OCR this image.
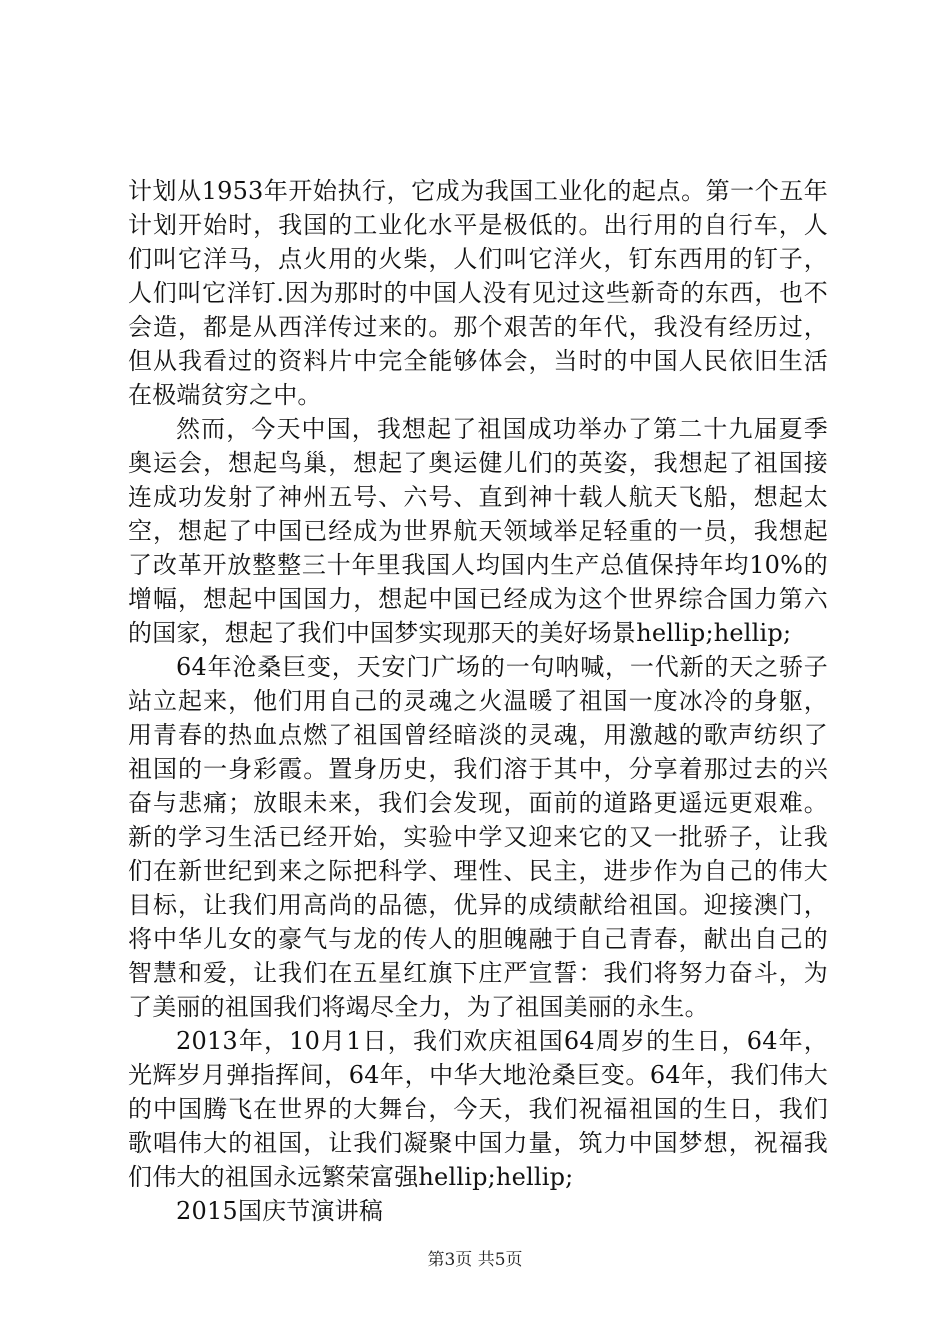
计划从1953年开始执行，它成为我国工业化的起点。第一个五年计划开始时，我国的工业化水平是极低的。出行用的自行车，人们叫它洋马，点火用的火柴，人们叫它洋火，钉东西用的钉子，人们叫它洋钉.因为那时的中国人没有见过这些新奇的东西，也不会造，都是从西洋传过来的。那个艰苦的年代，我没有经历过，但从我看过的资料片中完全能够体会，当时的中国人民依旧生活在极端贫穷之中。

然而，今天中国，我想起了祖国成功举办了第二十九届夏季奥运会，想起鸟巢，想起了奥运健儿们的英姿，我想起了祖国接连成功发射了神州五号、六号、直到神十载人航天飞船，想起太空，想起了中国已经成为世界航天领域举足轻重的一员，我想起了改革开放整整三十年里我国人均国内生产总值保持年均10%的增幅，想起中国国力，想起中国已经成为这个世界综合国力第六的国家，想起了我们中国梦实现那天的美好场景hellip;hellip;

64年沧桑巨变，天安门广场的一句呐喊，一代新的天之骄子站立起来，他们用自己的灵魂之火温暖了祖国一度冰冷的身躯，用青春的热血点燃了祖国曾经暗淡的灵魂，用激越的歌声纺织了祖国的一身彩霞。置身历史，我们溶于其中，分享着那过去的兴奋与悲痛；放眼未来，我们会发现，面前的道路更遥远更艰难。新的学习生活已经开始，实验中学又迎来它的又一批骄子，让我们在新世纪到来之际把科学、理性、民主，进步作为自己的伟大目标，让我们用高尚的品德，优异的成绩献给祖国。迎接澳门，将中华儿女的豪气与龙的传人的胆魄融于自己青春，献出自己的智慧和爱，让我们在五星红旗下庄严宣誓：我们将努力奋斗，为了美丽的祖国我们将竭尽全力，为了祖国美丽的永生。

2013年，10月1日，我们欢庆祖国64周岁的生日，64年，光辉岁月弹指挥间，64年，中华大地沧桑巨变。64年，我们伟大的中国腾飞在世界的大舞台，今天，我们祝福祖国的生日，我们歌唱伟大的祖国，让我们凝聚中国力量，筑力中国梦想，祝福我们伟大的祖国永远繁荣富强hellip;hellip;

2015国庆节演讲稿

第3页 共5页
